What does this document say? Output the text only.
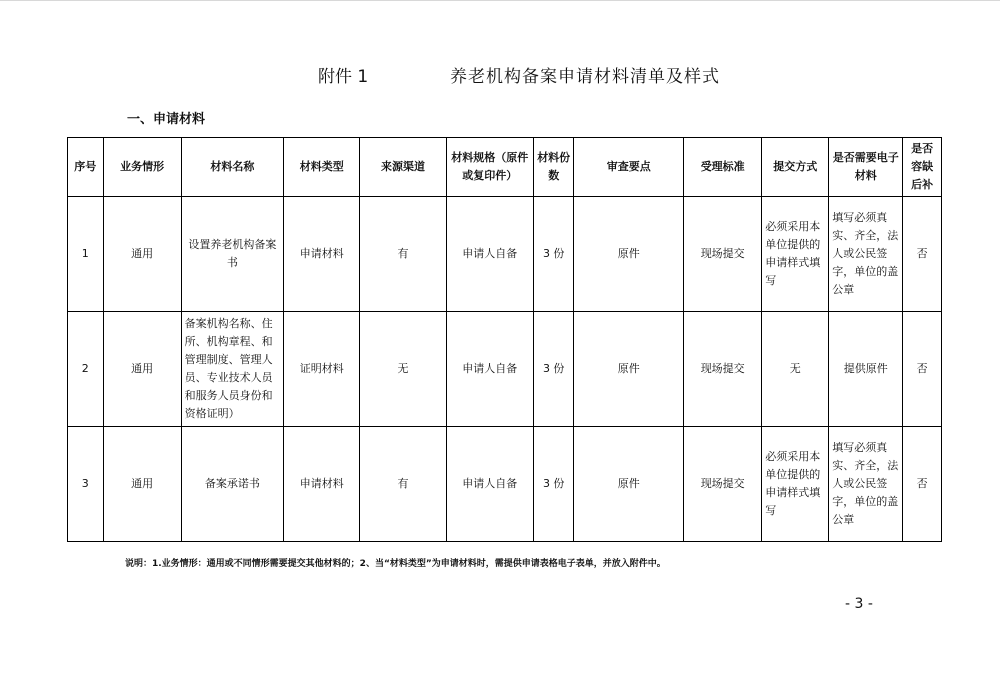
附件 1	养老机构备案申请材料清单及样式
一、申请材料
序号	业务情形	材料名称	材料类型	来源渠道	材料规格（原件或复印件）	材料份数	审查要点	受理标准	提交方式	是否需要电子材料	是否容缺后补
1	通用	设置养老机构备案书	申请材料	有	申请人自备	3 份	原件	现场提交	必须采用本单位提供的申请样式填写	填写必须真实、齐全，法人或公民签字，单位的盖公章	否
2	通用	备案机构名称、住所、机构章程、和管理制度、管理人员、专业技术人员和服务人员身份和资格证明）	证明材料	无	申请人自备	3 份	原件	现场提交	无	提供原件	否
3	通用	备案承诺书	申请材料	有	申请人自备	3 份	原件	现场提交	必须采用本单位提供的申请样式填写	填写必须真实、齐全，法人或公民签字，单位的盖公章	否
说明：1.业务情形：通用或不同情形需要提交其他材料的；2、当“材料类型”为申请材料时，需提供申请表格电子表单，并放入附件中。
- 3 -
